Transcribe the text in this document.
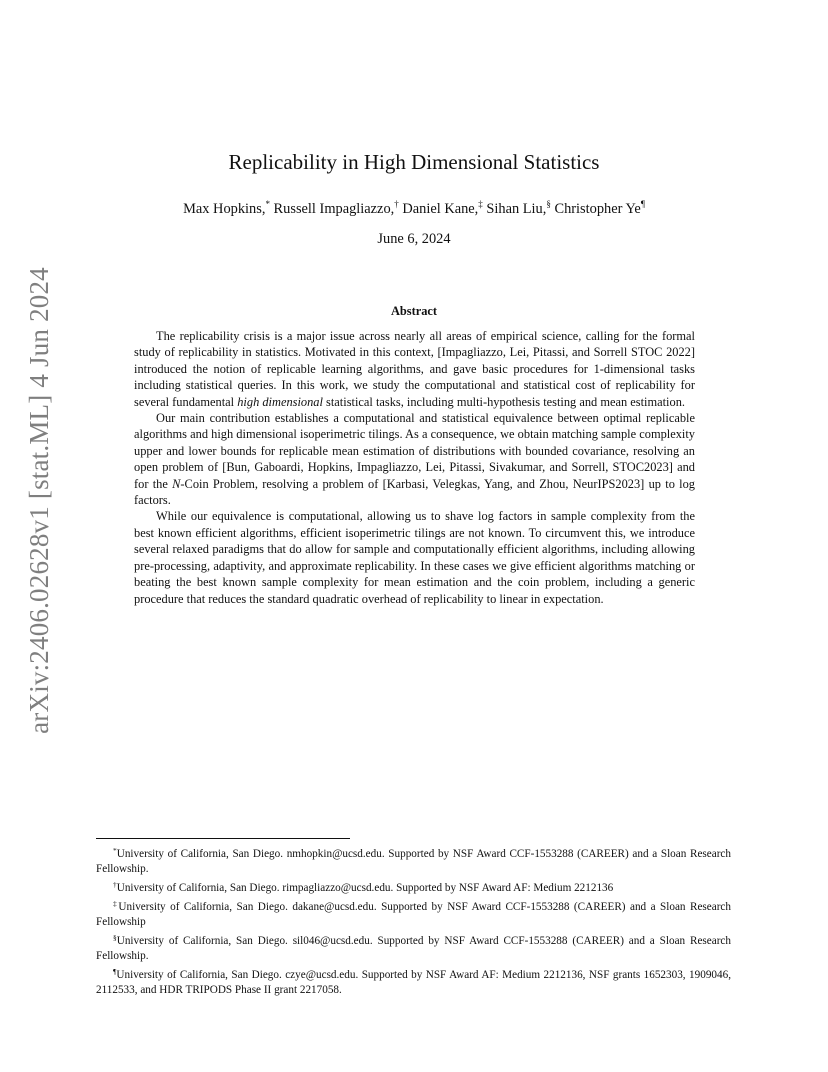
arXiv:2406.02628v1 [stat.ML] 4 Jun 2024
Replicability in High Dimensional Statistics
Max Hopkins,* Russell Impagliazzo,† Daniel Kane,‡ Sihan Liu,§ Christopher Ye¶
June 6, 2024
Abstract

The replicability crisis is a major issue across nearly all areas of empirical science, calling for the formal study of replicability in statistics. Motivated in this context, [Impagliazzo, Lei, Pitassi, and Sorrell STOC 2022] introduced the notion of replicable learning algorithms, and gave basic procedures for 1-dimensional tasks including statistical queries. In this work, we study the computational and statistical cost of replicability for several fundamental high dimensional statistical tasks, including multi-hypothesis testing and mean estimation.

Our main contribution establishes a computational and statistical equivalence between optimal replicable algorithms and high dimensional isoperimetric tilings. As a consequence, we obtain matching sample complexity upper and lower bounds for replicable mean estimation of distributions with bounded covariance, resolving an open problem of [Bun, Gaboardi, Hopkins, Impagliazzo, Lei, Pitassi, Sivakumar, and Sorrell, STOC2023] and for the N-Coin Problem, resolving a problem of [Karbasi, Velegkas, Yang, and Zhou, NeurIPS2023] up to log factors.

While our equivalence is computational, allowing us to shave log factors in sample complexity from the best known efficient algorithms, efficient isoperimetric tilings are not known. To circumvent this, we introduce several relaxed paradigms that do allow for sample and computationally efficient algorithms, including allowing pre-processing, adaptivity, and approximate replicability. In these cases we give efficient algorithms matching or beating the best known sample complexity for mean estimation and the coin problem, including a generic procedure that reduces the standard quadratic overhead of replicability to linear in expectation.

*University of California, San Diego. nmhopkin@ucsd.edu. Supported by NSF Award CCF-1553288 (CAREER) and a Sloan Research Fellowship.

†University of California, San Diego. rimpagliazzo@ucsd.edu. Supported by NSF Award AF: Medium 2212136

‡University of California, San Diego. dakane@ucsd.edu. Supported by NSF Award CCF-1553288 (CAREER) and a Sloan Research Fellowship

§University of California, San Diego. sil046@ucsd.edu. Supported by NSF Award CCF-1553288 (CAREER) and a Sloan Research Fellowship.

¶University of California, San Diego. czye@ucsd.edu. Supported by NSF Award AF: Medium 2212136, NSF grants 1652303, 1909046, 2112533, and HDR TRIPODS Phase II grant 2217058.
